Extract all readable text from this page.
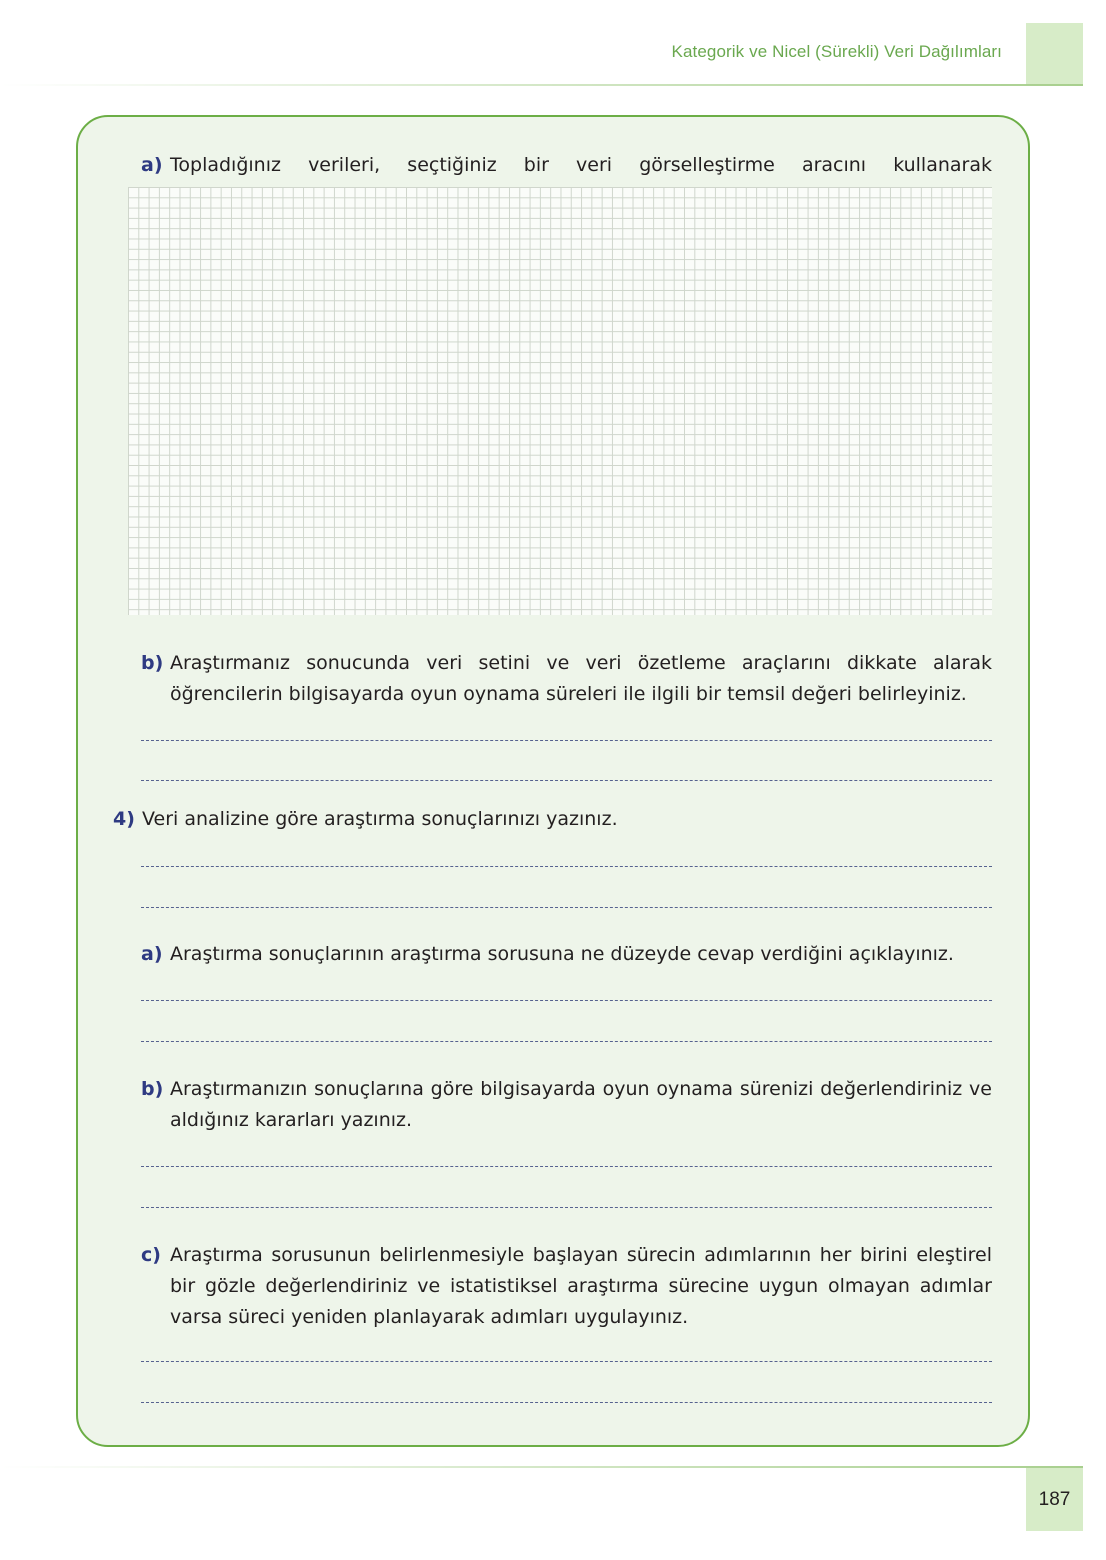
Kategorik ve Nicel (Sürekli) Veri Dağılımları
a) Topladığınız verileri, seçtiğiniz bir veri görselleştirme aracını kullanarak
b) Araştırmanız sonucunda veri setini ve veri özetleme araçlarını dikkate alarak öğrencilerin bilgisayarda oyun oynama süreleri ile ilgili bir temsil değeri belirleyiniz.
4) Veri analizine göre araştırma sonuçlarınızı yazınız.
a) Araştırma sonuçlarının araştırma sorusuna ne düzeyde cevap verdiğini açıklayınız.
b) Araştırmanızın sonuçlarına göre bilgisayarda oyun oynama sürenizi değerlendiriniz ve aldığınız kararları yazınız.
c) Araştırma sorusunun belirlenmesiyle başlayan sürecin adımlarının her birini eleştirel bir gözle değerlendiriniz ve istatistiksel araştırma sürecine uygun olmayan adımlar varsa süreci yeniden planlayarak adımları uygulayınız.
187
